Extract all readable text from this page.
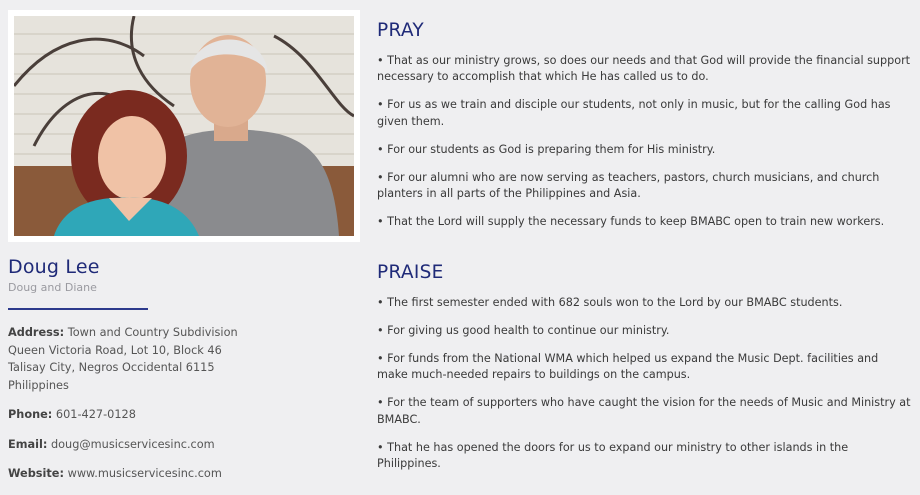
Doug Lee
Doug and Diane

Address: Town and Country Subdivision
Queen Victoria Road, Lot 10, Block 46
Talisay City, Negros Occidental 6115
Philippines

Phone: 601-427-0128

Email: doug@musicservicesinc.com

Website: www.musicservicesinc.com

PRAY
• That as our ministry grows, so does our needs and that God will provide the financial support necessary to accomplish that which He has called us to do.
• For us as we train and disciple our students, not only in music, but for the calling God has given them.
• For our students as God is preparing them for His ministry.
• For our alumni who are now serving as teachers, pastors, church musicians, and church planters in all parts of the Philippines and Asia.
• That the Lord will supply the necessary funds to keep BMABC open to train new workers.
PRAISE
• The first semester ended with 682 souls won to the Lord by our BMABC students.
• For giving us good health to continue our ministry.
• For funds from the National WMA which helped us expand the Music Dept. facilities and make much-needed repairs to buildings on the campus.
• For the team of supporters who have caught the vision for the needs of Music and Ministry at BMABC.
• That he has opened the doors for us to expand our ministry to other islands in the Philippines.
